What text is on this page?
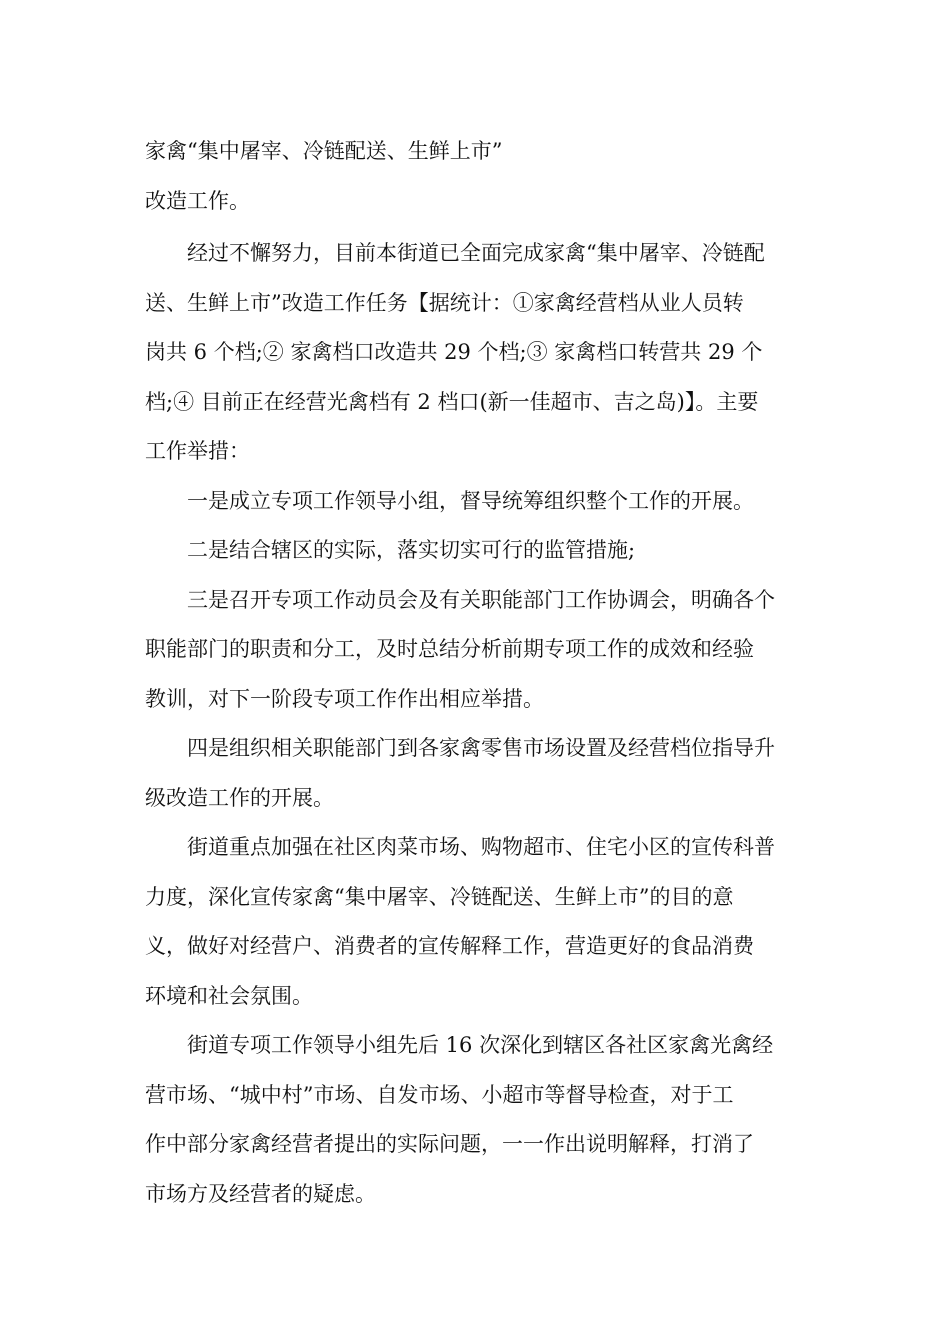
家禽“集中屠宰、冷链配送、生鲜上市”
改造工作。
经过不懈努力，目前本街道已全面完成家禽“集中屠宰、冷链配
送、生鲜上市”改造工作任务【据统计：①家禽经营档从业人员转
岗共 6 个档;② 家禽档口改造共 29 个档;③ 家禽档口转营共 29 个
档;④ 目前正在经营光禽档有 2 档口(新一佳超市、吉之岛)】。主要
工作举措：
一是成立专项工作领导小组，督导统筹组织整个工作的开展。
二是结合辖区的实际，落实切实可行的监管措施;
三是召开专项工作动员会及有关职能部门工作协调会，明确各个
职能部门的职责和分工，及时总结分析前期专项工作的成效和经验
教训，对下一阶段专项工作作出相应举措。
四是组织相关职能部门到各家禽零售市场设置及经营档位指导升
级改造工作的开展。
街道重点加强在社区肉菜市场、购物超市、住宅小区的宣传科普
力度，深化宣传家禽“集中屠宰、冷链配送、生鲜上市”的目的意
义，做好对经营户、消费者的宣传解释工作，营造更好的食品消费
环境和社会氛围。
街道专项工作领导小组先后 16 次深化到辖区各社区家禽光禽经
营市场、“城中村”市场、自发市场、小超市等督导检查，对于工
作中部分家禽经营者提出的实际问题，一一作出说明解释，打消了
市场方及经营者的疑虑。
